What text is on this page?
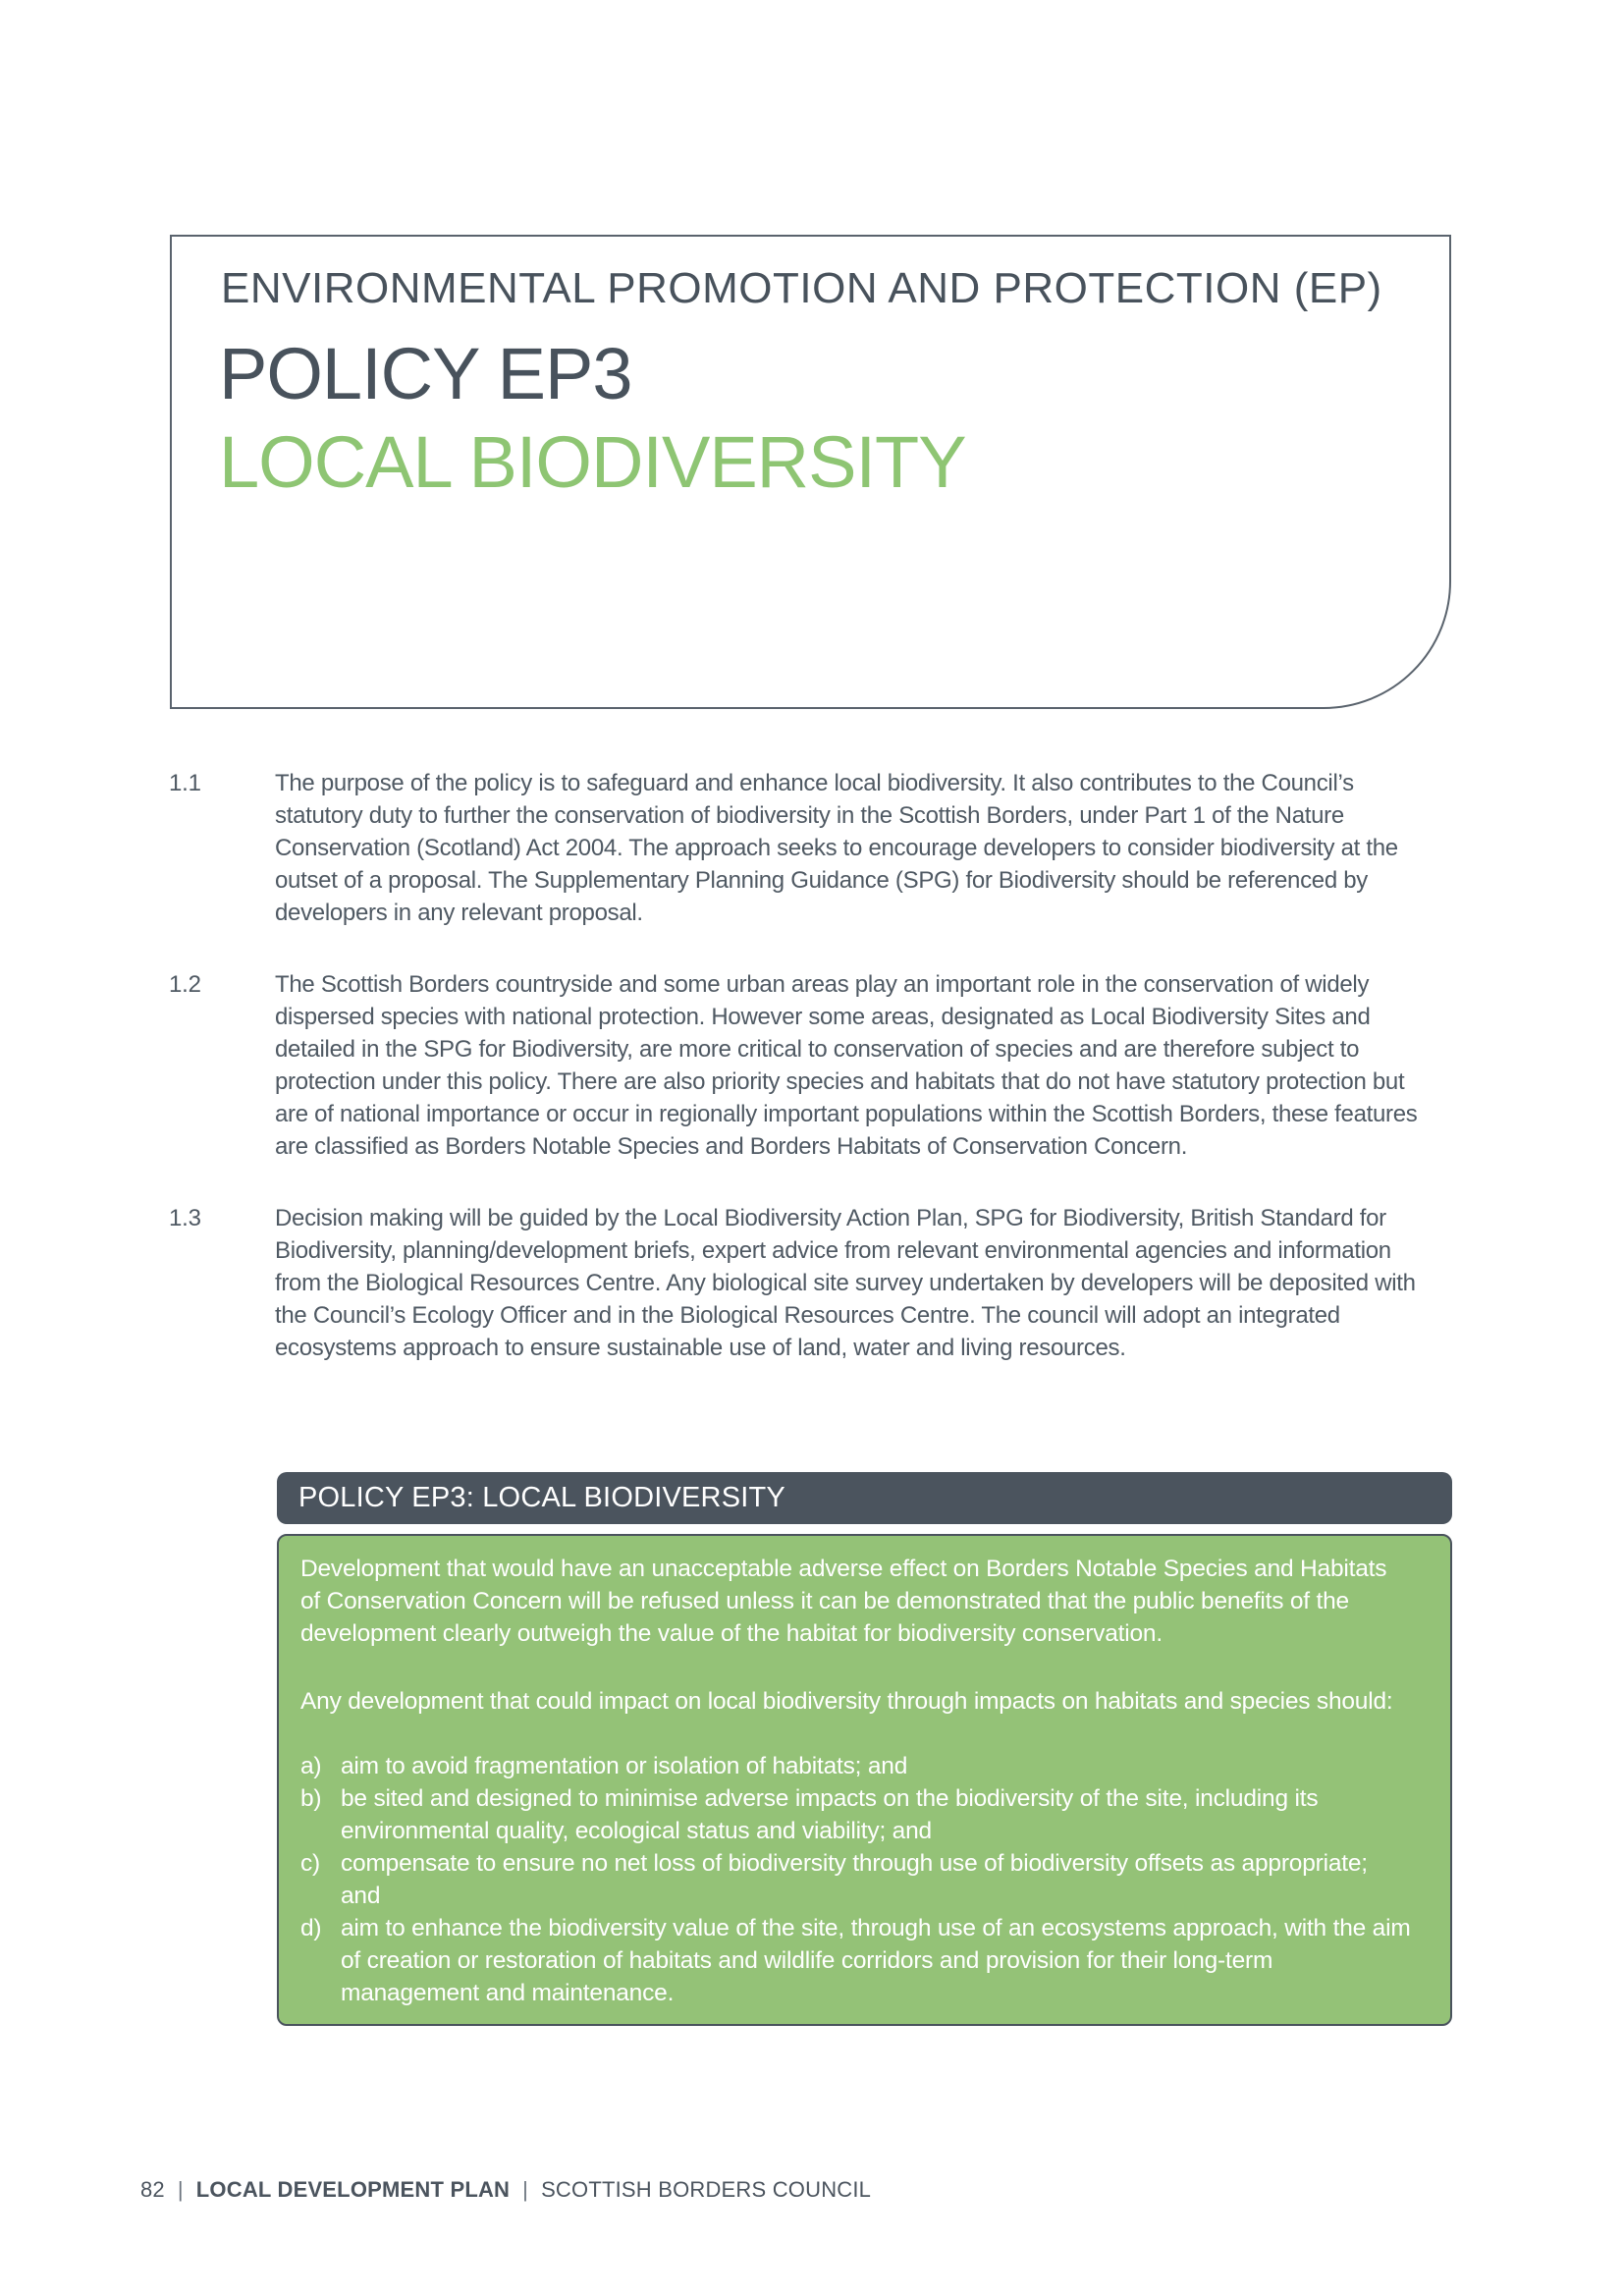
ENVIRONMENTAL PROMOTION AND PROTECTION (EP)
POLICY EP3
LOCAL BIODIVERSITY
1.1	The purpose of the policy is to safeguard and enhance local biodiversity. It also contributes to the Council’s statutory duty to further the conservation of biodiversity in the Scottish Borders, under Part 1 of the Nature Conservation (Scotland) Act 2004. The approach seeks to encourage developers to consider biodiversity at the outset of a proposal. The Supplementary Planning Guidance (SPG) for Biodiversity should be referenced by developers in any relevant proposal.
1.2	The Scottish Borders countryside and some urban areas play an important role in the conservation of widely dispersed species with national protection. However some areas, designated as Local Biodiversity Sites and detailed in the SPG for Biodiversity, are more critical to conservation of species and are therefore subject to protection under this policy. There are also priority species and habitats that do not have statutory protection but are of national importance or occur in regionally important populations within the Scottish Borders, these features are classified as Borders Notable Species and Borders Habitats of Conservation Concern.
1.3	Decision making will be guided by the Local Biodiversity Action Plan, SPG for Biodiversity, British Standard for Biodiversity, planning/development briefs, expert advice from relevant environmental agencies and information from the Biological Resources Centre. Any biological site survey undertaken by developers will be deposited with the Council’s Ecology Officer and in the Biological Resources Centre. The council will adopt an integrated ecosystems approach to ensure sustainable use of land, water and living resources.
POLICY EP3: LOCAL BIODIVERSITY

Development that would have an unacceptable adverse effect on Borders Notable Species and Habitats of Conservation Concern will be refused unless it can be demonstrated that the public benefits of the development clearly outweigh the value of the habitat for biodiversity conservation.

Any development that could impact on local biodiversity through impacts on habitats and species should:

a) aim to avoid fragmentation or isolation of habitats; and
b) be sited and designed to minimise adverse impacts on the biodiversity of the site, including its environmental quality, ecological status and viability; and
c) compensate to ensure no net loss of biodiversity through use of biodiversity offsets as appropriate; and
d) aim to enhance the biodiversity value of the site, through use of an ecosystems approach, with the aim of creation or restoration of habitats and wildlife corridors and provision for their long-term management and maintenance.
82 | LOCAL DEVELOPMENT PLAN | SCOTTISH BORDERS COUNCIL
